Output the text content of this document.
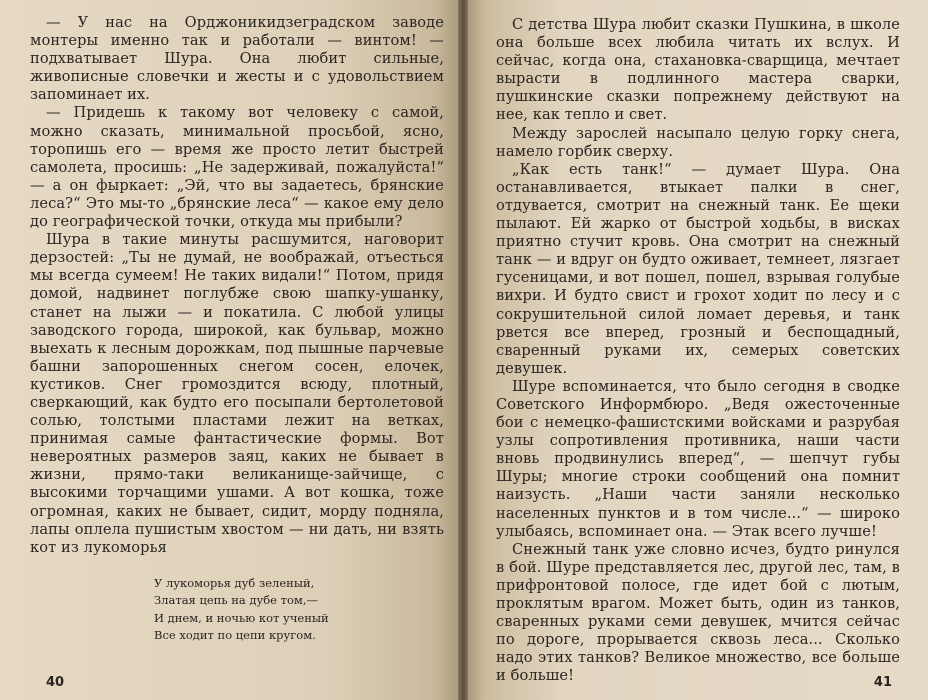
— У нас на Орджоникидзеградском заводе монтеры именно так и работали — винтом! — подхватывает Шура. Она любит сильные, живописные словечки и жесты и с удовольствием запоминает их.

— Придешь к такому вот человеку с самой, можно сказать, минимальной просьбой, ясно, торопишь его — время же просто летит быстрей самолета, просишь: „Не задерживай, пожалуйста!“ — а он фыркает: „Эй, что вы задаетесь, брянские леса?“ Это мы-то „брянские леса“ — какое ему дело до географической точки, откуда мы прибыли?

Шура в такие минуты расшумится, наговорит дерзостей: „Ты не думай, не воображай, отъесться мы всегда сумеем! Не таких видали!“ Потом, придя домой, надвинет поглубже свою шапку-ушанку, станет на лыжи — и покатила. С любой улицы заводского города, широкой, как бульвар, можно выехать к лесным дорожкам, под пышные парчевые башни запорошенных снегом сосен, елочек, кустиков. Снег громоздится всюду, плотный, сверкающий, как будто его посыпали бертолетовой солью, толстыми пластами лежит на ветках, принимая самые фантастические формы. Вот невероятных размеров заяц, каких не бывает в жизни, прямо-таки великанище-зайчище, с высокими торчащими ушами. А вот кошка, тоже огромная, каких не бывает, сидит, морду подняла, лапы оплела пушистым хвостом — ни дать, ни взять кот из лукоморья

У лукоморья дуб зеленый,
Златая цепь на дубе том,—
И днем, и ночью кот ученый
Все ходит по цепи кругом.
40

С детства Шура любит сказки Пушкина, в школе она больше всех любила читать их вслух. И сейчас, когда она, стахановка-сварщица, мечтает вырасти в подлинного мастера сварки, пушкинские сказки попрежнему действуют на нее, как тепло и свет.

Между зарослей насыпало целую горку снега, намело горбик сверху.

„Как есть танк!“ — думает Шура. Она останавливается, втыкает палки в снег, отдувается, смотрит на снежный танк. Ее щеки пылают. Ей жарко от быстрой ходьбы, в висках приятно стучит кровь. Она смотрит на снежный танк — и вдруг он будто оживает, темнеет, лязгает гусеницами, и вот пошел, пошел, взрывая голубые вихри. И будто свист и грохот ходит по лесу и с сокрушительной силой ломает деревья, и танк рвется все вперед, грозный и беспощадный, сваренный руками их, семерых советских девушек.

Шуре вспоминается, что было сегодня в сводке Советского Информбюро. „Ведя ожесточенные бои с немецко-фашистскими войсками и разрубая узлы сопротивления противника, наши части вновь продвинулись вперед“, — шепчут губы Шуры; многие строки сообщений она помнит наизусть. „Наши части заняли несколько населенных пунктов и в том числе...“ — широко улыбаясь, вспоминает она. — Этак всего лучше!

Снежный танк уже словно исчез, будто ринулся в бой. Шуре представляется лес, другой лес, там, в прифронтовой полосе, где идет бой с лютым, проклятым врагом. Может быть, один из танков, сваренных руками семи девушек, мчится сейчас по дороге, прорывается сквозь леса... Сколько надо этих танков? Великое множество, все больше и больше!	41
